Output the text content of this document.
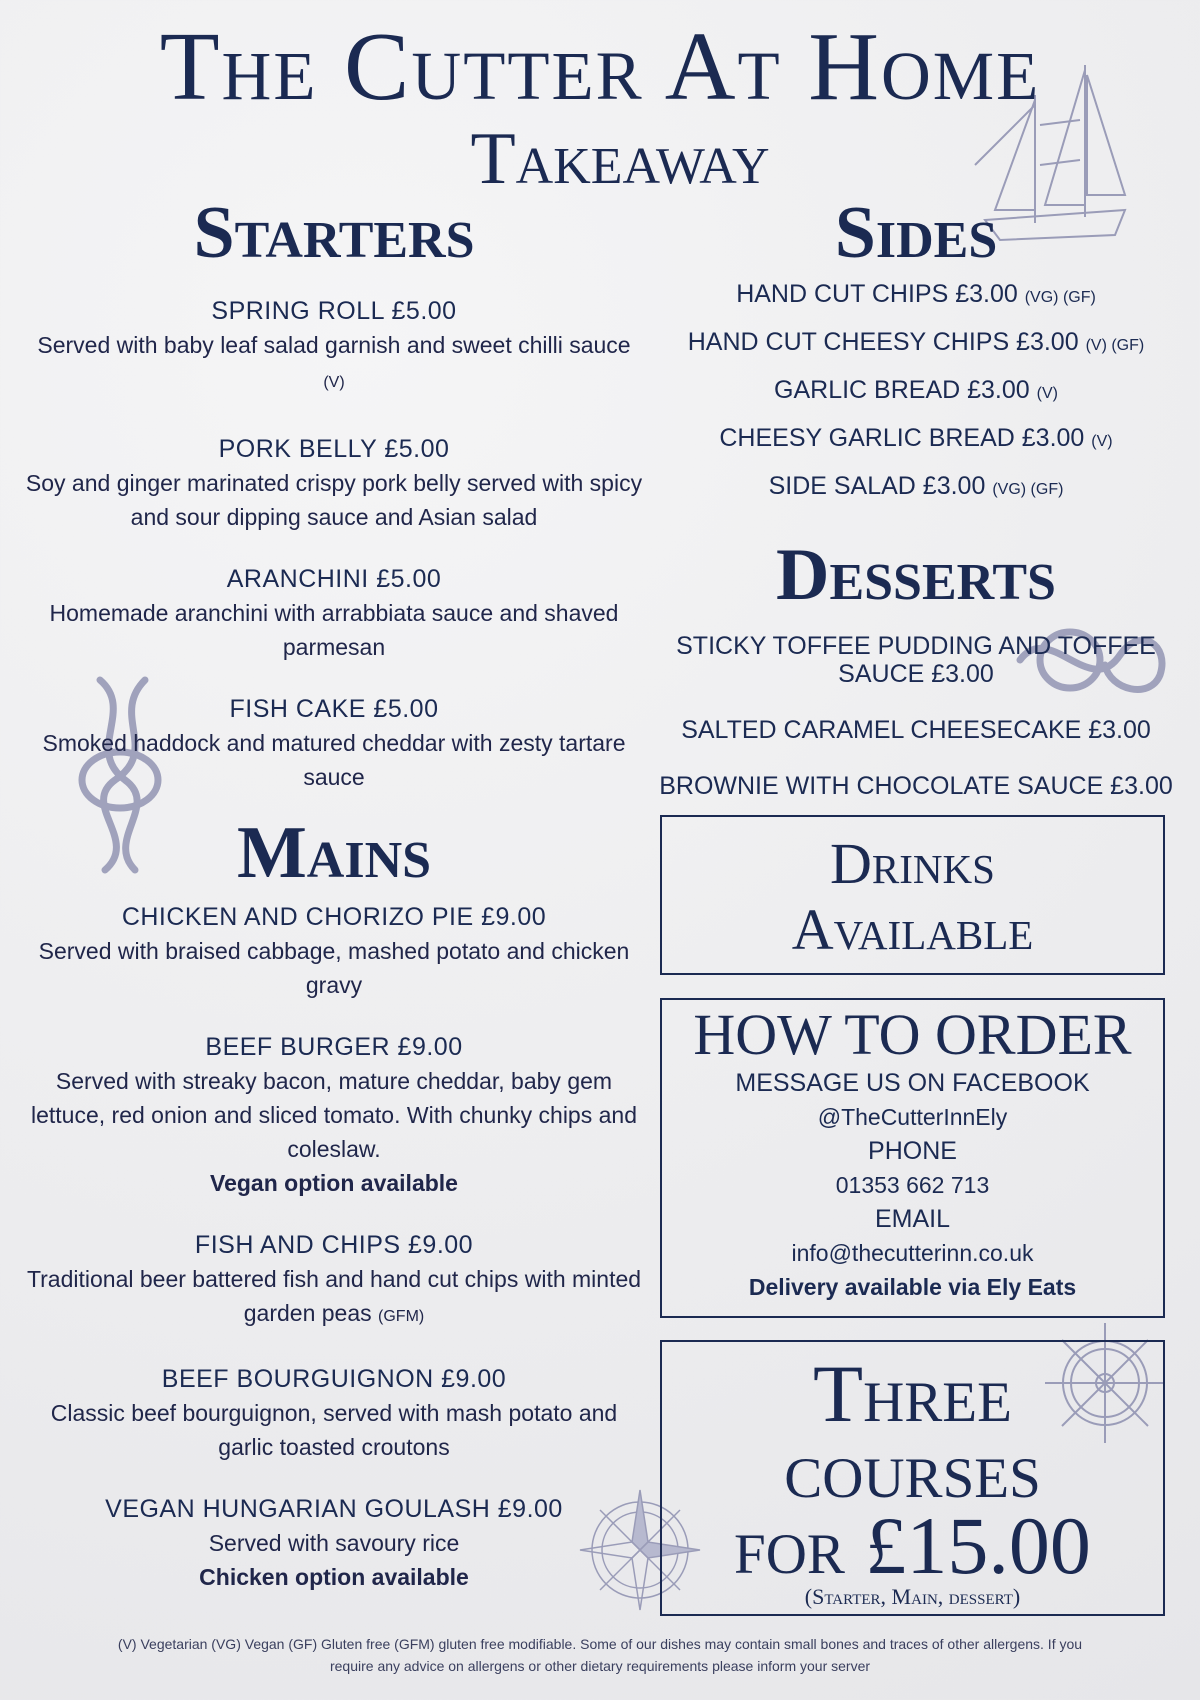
The Cutter At Home
Takeaway
Starters
SPRING ROLL £5.00
Served with baby leaf salad garnish and sweet chilli sauce (V)
PORK BELLY £5.00
Soy and ginger marinated crispy pork belly served with spicy and sour dipping sauce and Asian salad
ARANCHINI £5.00
Homemade aranchini with arrabbiata sauce and shaved parmesan
FISH CAKE £5.00
Smoked haddock and matured cheddar with zesty tartare sauce
Mains
CHICKEN AND CHORIZO PIE £9.00
Served with braised cabbage, mashed potato and chicken gravy
BEEF BURGER £9.00
Served with streaky bacon, mature cheddar, baby gem lettuce, red onion and sliced tomato. With chunky chips and coleslaw.
Vegan option available
FISH AND CHIPS £9.00
Traditional beer battered fish and hand cut chips with minted garden peas (GFM)
BEEF BOURGUIGNON £9.00
Classic beef bourguignon, served with mash potato and garlic toasted croutons
VEGAN HUNGARIAN GOULASH £9.00
Served with savoury rice
Chicken option available
Sides
HAND CUT CHIPS £3.00 (VG) (GF)
HAND CUT CHEESY CHIPS £3.00 (V) (GF)
GARLIC BREAD £3.00 (V)
CHEESY GARLIC BREAD £3.00 (V)
SIDE SALAD £3.00 (VG) (GF)
Desserts
STICKY TOFFEE PUDDING AND TOFFEE SAUCE £3.00
SALTED CARAMEL CHEESECAKE £3.00
BROWNIE WITH CHOCOLATE SAUCE £3.00
Drinks
Available
HOW TO ORDER
MESSAGE US ON FACEBOOK
@TheCutterInnEly
PHONE
01353 662 713
EMAIL
info@thecutterinn.co.uk
Delivery available via Ely Eats
Three
courses
for £15.00
(Starter, Main, dessert)
(V) Vegetarian (VG) Vegan (GF) Gluten free (GFM) gluten free modifiable. Some of our dishes may contain small bones and traces of other allergens. If you
require any advice on allergens or other dietary requirements please inform your server
